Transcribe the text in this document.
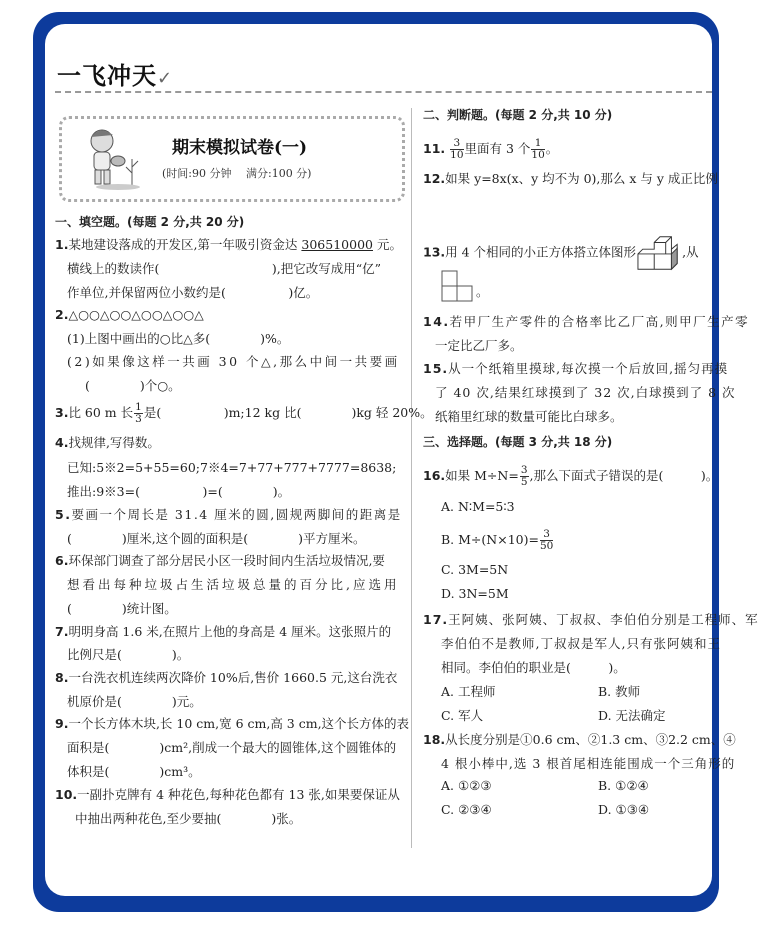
一飞冲天✓
期末模拟试卷(一)
(时间:90 分钟　 满分:100 分)
一、填空题。(每题 2 分,共 20 分)
1.某地建设落成的开发区,第一年吸引资金达 306510000 元。
横线上的数读作(　　　　　　　　　),把它改写成用“亿”
作单位,并保留两位小数约是(　　　　　)亿。
2.△○○△○○△○○△○○△
(1)上图中画出的○比△多(　　　　)%。
(2)如果像这样一共画 30 个△,那么中间一共要画
(　　　　)个○。
3.比 60 m 长 $\frac{1}{3}$ 是(　　　　　)m;12 kg 比(　　　　)kg 轻 20%。
4.找规律,写得数。
已知:5※2=5+55=60;7※4=7+77+777+7777=8638;
推出:9※3=(　　　　　)=(　　　　)。
5.要画一个周长是 31.4 厘米的圆,圆规两脚间的距离是
(　　　　)厘米,这个圆的面积是(　　　　)平方厘米。
6.环保部门调查了部分居民小区一段时间内生活垃圾情况,要
想看出每种垃圾占生活垃圾总量的百分比,应选用
(　　　　)统计图。
7.明明身高 1.6 米,在照片上他的身高是 4 厘米。这张照片的
比例尺是(　　　　)。
8.一台洗衣机连续两次降价 10%后,售价 1660.5 元,这台洗衣
机原价是(　　　　)元。
9.一个长方体木块,长 10 cm,宽 6 cm,高 3 cm,这个长方体的表
面积是(　　　　)cm²,削成一个最大的圆锥体,这个圆锥体的
体积是(　　　　)cm³。
10.一副扑克牌有 4 种花色,每种花色都有 13 张,如果要保证从
中抽出两种花色,至少要抽(　　　　)张。
二、判断题。(每题 2 分,共 10 分)
11. $\frac{3}{10}$ 里面有 3 个 $\frac{1}{10}$ 。
12.如果 y=8x(x、y 均不为 0),那么 x 与 y 成正比例
13.用 4 个相同的小正方体搭立体图形	,从
。
14.若甲厂生产零件的合格率比乙厂高,则甲厂生产零
一定比乙厂多。
15.从一个纸箱里摸球,每次摸一个后放回,摇匀再摸
了 40 次,结果红球摸到了 32 次,白球摸到了 8 次
纸箱里红球的数量可能比白球多。
三、选择题。(每题 3 分,共 18 分)
16.如果 $M\div N= \frac{3}{5}$ ,那么下面式子错误的是(　　　)。
A. N∶M=5∶3
B. $M\div(N\times 10)= \frac{3}{50}$
C. 3M=5N
D. 3N=5M
17.王阿姨、张阿姨、丁叔叔、李伯伯分别是工程师、军
李伯伯不是教师,丁叔叔是军人,只有张阿姨和王
相同。李伯伯的职业是(　　　)。
A. 工程师	B. 教师
C. 军人	D. 无法确定
18.从长度分别是①0.6 cm、②1.3 cm、③2.2 cm、④
4 根小棒中,选 3 根首尾相连能围成一个三角形的
A. ①②③	B. ①②④
C. ②③④	D. ①③④
